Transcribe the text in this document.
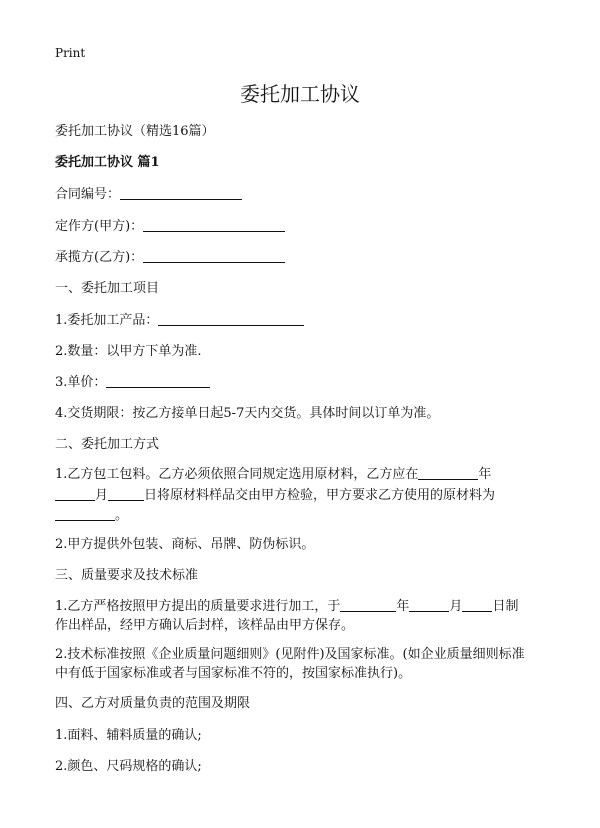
Print
委托加工协议
委托加工协议（精选16篇）
委托加工协议 篇1
合同编号：
定作方(甲方)：
承揽方(乙方)：
一、委托加工项目
1.委托加工产品：
2.数量：以甲方下单为准.
3.单价：
4.交货期限：按乙方接单日起5-7天内交货。具体时间以订单为准。
二、委托加工方式
1.乙方包工包料。乙方必须依照合同规定选用原材料，乙方应在	年
月	日将原材料样品交由甲方检验，甲方要求乙方使用的原材料为
。
2.甲方提供外包装、商标、吊牌、防伪标识。
三、质量要求及技术标准
1.乙方严格按照甲方提出的质量要求进行加工，于	年	月 日制
作出样品，经甲方确认后封样，该样品由甲方保存。
2.技术标准按照《企业质量问题细则》(见附件)及国家标准。(如企业质量细则标准
中有低于国家标准或者与国家标准不符的，按国家标准执行)。
四、乙方对质量负责的范围及期限
1.面料、辅料质量的确认;
2.颜色、尺码规格的确认;
